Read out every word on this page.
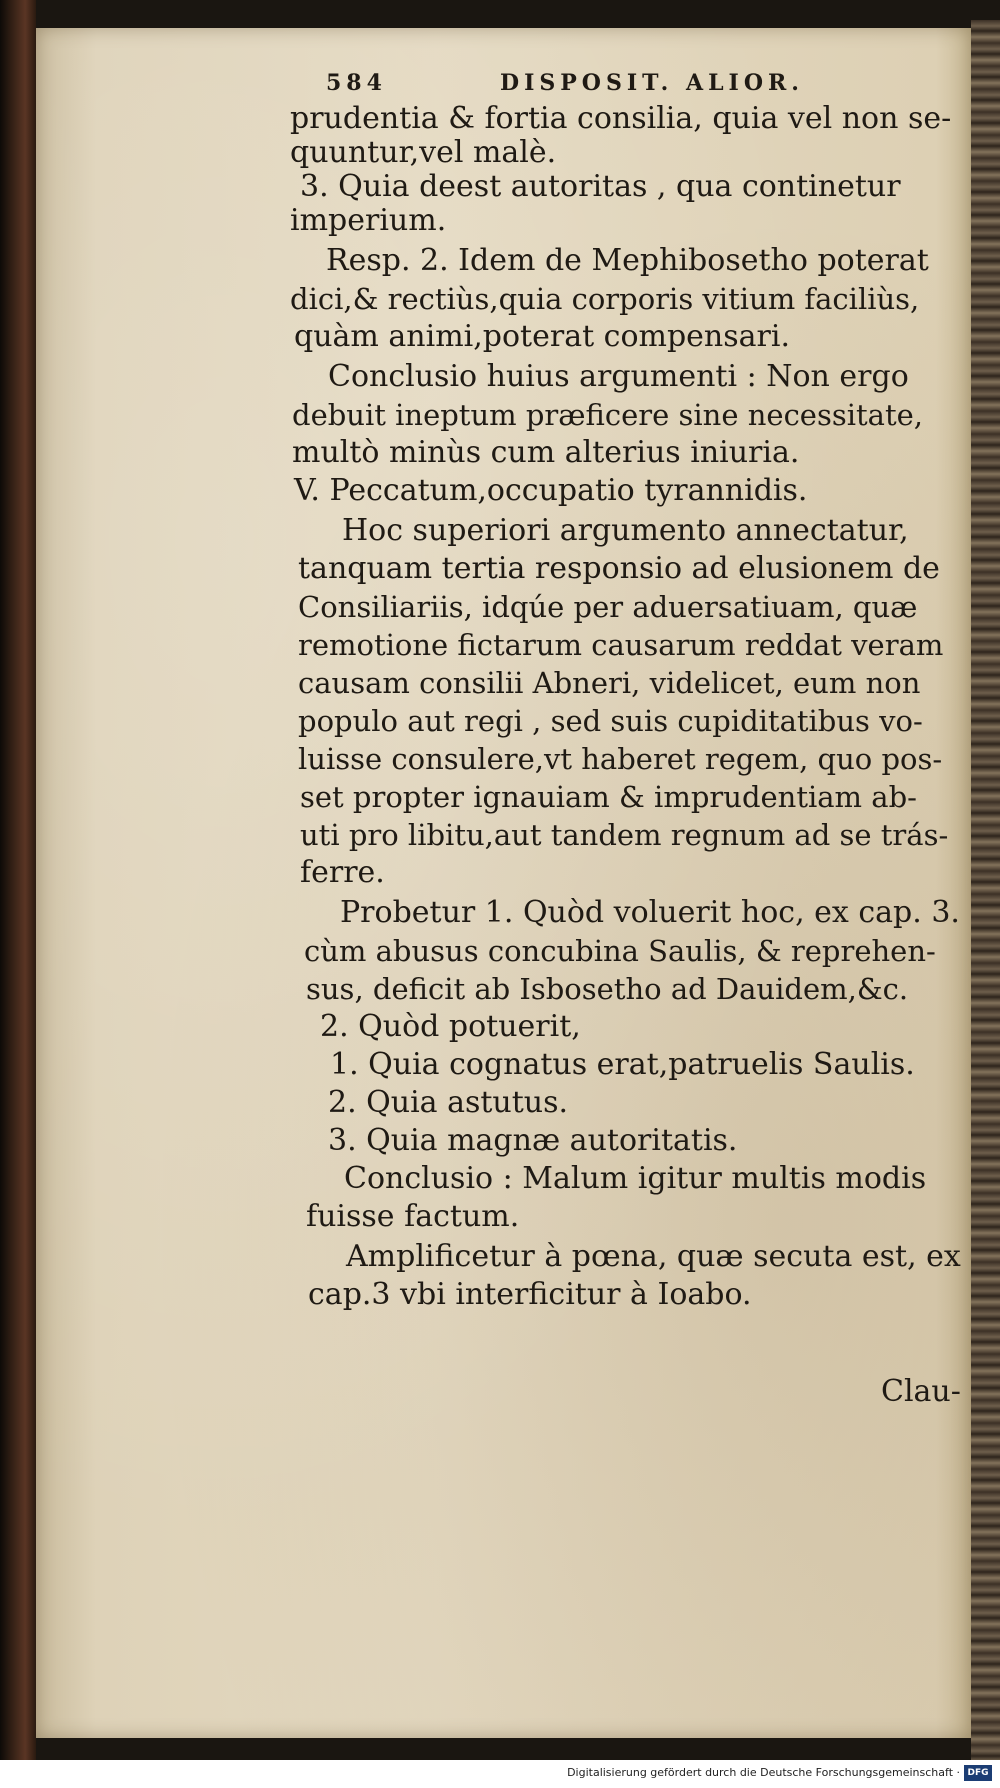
584	DISPOSIT. ALIOR.
prudentia & fortia consilia, quia vel non se-
quuntur,vel malè.
3. Quia deest autoritas , qua continetur
imperium.
Resp. 2. Idem de Mephibosetho poterat
dici,& rectiùs,quia corporis vitium faciliùs,
quàm animi,poterat compensari.
Conclusio huius argumenti : Non ergo
debuit ineptum præficere sine necessitate,
multò minùs cum alterius iniuria.
V. Peccatum,occupatio tyrannidis.
Hoc superiori argumento annectatur,
tanquam tertia responsio ad elusionem de
Consiliariis, idqúe per aduersatiuam, quæ
remotione fictarum causarum reddat veram
causam consilii Abneri, videlicet, eum non
populo aut regi , sed suis cupiditatibus vo-
luisse consulere,vt haberet regem, quo pos-
set propter ignauiam & imprudentiam ab-
uti pro libitu,aut tandem regnum ad se trás-
ferre.
Probetur 1. Quòd voluerit hoc, ex cap. 3.
cùm abusus concubina Saulis, & reprehen-
sus, deficit ab Isbosetho ad Dauidem,&c.
2. Quòd potuerit,
1. Quia cognatus erat,patruelis Saulis.
2. Quia astutus.
3. Quia magnæ autoritatis.
Conclusio : Malum igitur multis modis
fuisse factum.
Amplificetur à pœna, quæ secuta est, ex
cap.3 vbi interficitur à Ioabo.
Clau-
Digitalisierung gefördert durch die Deutsche Forschungsgemeinschaft · DFG
